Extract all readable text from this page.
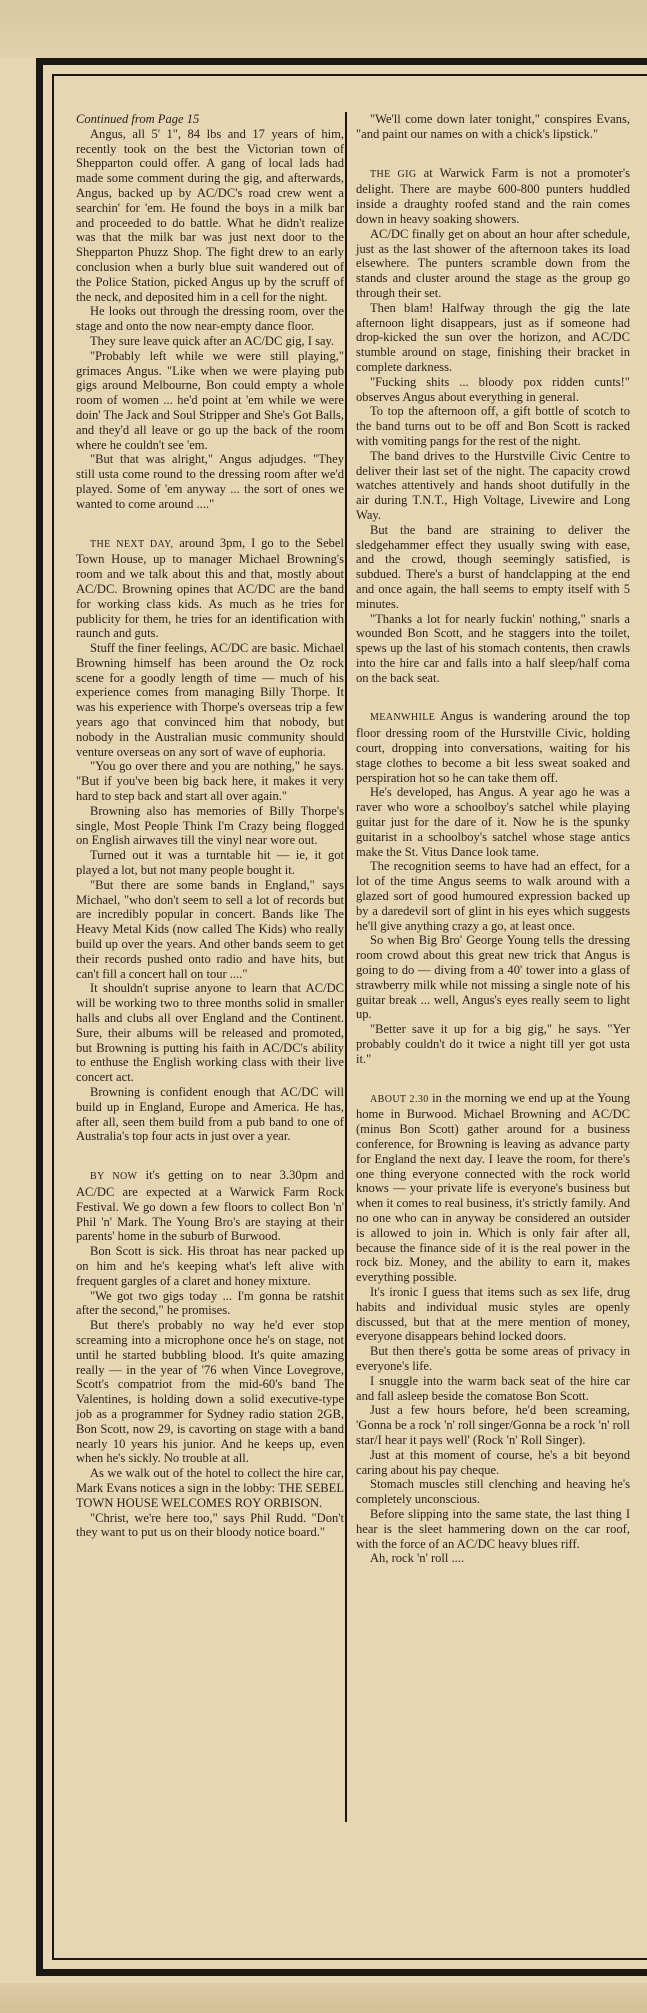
Continued from Page 15

Angus, all 5' 1", 84 lbs and 17 years of him, recently took on the best the Victorian town of Shepparton could offer. A gang of local lads had made some comment during the gig, and afterwards, Angus, backed up by AC/DC's road crew went a searchin' for 'em. He found the boys in a milk bar and proceeded to do battle. What he didn't realize was that the milk bar was just next door to the Shepparton Phuzz Shop. The fight drew to an early conclusion when a burly blue suit wandered out of the Police Station, picked Angus up by the scruff of the neck, and deposited him in a cell for the night.

He looks out through the dressing room, over the stage and onto the now near-empty dance floor.

They sure leave quick after an AC/DC gig, I say.

"Probably left while we were still playing," grimaces Angus. "Like when we were playing pub gigs around Melbourne, Bon could empty a whole room of women ... he'd point at 'em while we were doin' The Jack and Soul Stripper and She's Got Balls, and they'd all leave or go up the back of the room where he couldn't see 'em.

"But that was alright," Angus adjudges. "They still usta come round to the dressing room after we'd played. Some of 'em anyway ... the sort of ones we wanted to come around ...."

THE NEXT DAY, around 3pm, I go to the Sebel Town House, up to manager Michael Browning's room and we talk about this and that, mostly about AC/DC. Browning opines that AC/DC are the band for working class kids. As much as he tries for publicity for them, he tries for an identification with raunch and guts.

Stuff the finer feelings, AC/DC are basic. Michael Browning himself has been around the Oz rock scene for a goodly length of time — much of his experience comes from managing Billy Thorpe. It was his experience with Thorpe's overseas trip a few years ago that convinced him that nobody, but nobody in the Australian music community should venture overseas on any sort of wave of euphoria.

"You go over there and you are nothing," he says. "But if you've been big back here, it makes it very hard to step back and start all over again."

Browning also has memories of Billy Thorpe's single, Most People Think I'm Crazy being flogged on English airwaves till the vinyl near wore out.

Turned out it was a turntable hit — ie, it got played a lot, but not many people bought it.

"But there are some bands in England," says Michael, "who don't seem to sell a lot of records but are incredibly popular in concert. Bands like The Heavy Metal Kids (now called The Kids) who really build up over the years. And other bands seem to get their records pushed onto radio and have hits, but can't fill a concert hall on tour ...."

It shouldn't suprise anyone to learn that AC/DC will be working two to three months solid in smaller halls and clubs all over England and the Continent. Sure, their albums will be released and promoted, but Browning is putting his faith in AC/DC's ability to enthuse the English working class with their live concert act.

Browning is confident enough that AC/DC will build up in England, Europe and America. He has, after all, seen them build from a pub band to one of Australia's top four acts in just over a year.

BY NOW it's getting on to near 3.30pm and AC/DC are expected at a Warwick Farm Rock Festival. We go down a few floors to collect Bon 'n' Phil 'n' Mark. The Young Bro's are staying at their parents' home in the suburb of Burwood.

Bon Scott is sick. His throat has near packed up on him and he's keeping what's left alive with frequent gargles of a claret and honey mixture.

"We got two gigs today ... I'm gonna be ratshit after the second," he promises.

But there's probably no way he'd ever stop screaming into a microphone once he's on stage, not until he started bubbling blood. It's quite amazing really — in the year of '76 when Vince Lovegrove, Scott's compatriot from the mid-60's band The Valentines, is holding down a solid executive-type job as a programmer for Sydney radio station 2GB, Bon Scott, now 29, is cavorting on stage with a band nearly 10 years his junior. And he keeps up, even when he's sickly. No trouble at all.

As we walk out of the hotel to collect the hire car, Mark Evans notices a sign in the lobby: THE SEBEL TOWN HOUSE WELCOMES ROY ORBISON.

"Christ, we're here too," says Phil Rudd. "Don't they want to put us on their bloody notice board."

"We'll come down later tonight," conspires Evans, "and paint our names on with a chick's lipstick."

THE GIG at Warwick Farm is not a promoter's delight. There are maybe 600-800 punters huddled inside a draughty roofed stand and the rain comes down in heavy soaking showers.

AC/DC finally get on about an hour after schedule, just as the last shower of the afternoon takes its load elsewhere. The punters scramble down from the stands and cluster around the stage as the group go through their set.

Then blam! Halfway through the gig the late afternoon light disappears, just as if someone had drop-kicked the sun over the horizon, and AC/DC stumble around on stage, finishing their bracket in complete darkness.

"Fucking shits ... bloody pox ridden cunts!" observes Angus about everything in general.

To top the afternoon off, a gift bottle of scotch to the band turns out to be off and Bon Scott is racked with vomiting pangs for the rest of the night.

The band drives to the Hurstville Civic Centre to deliver their last set of the night. The capacity crowd watches attentively and hands shoot dutifully in the air during T.N.T., High Voltage, Livewire and Long Way.

But the band are straining to deliver the sledgehammer effect they usually swing with ease, and the crowd, though seemingly satisfied, is subdued. There's a burst of handclapping at the end and once again, the hall seems to empty itself with 5 minutes.

"Thanks a lot for nearly fuckin' nothing," snarls a wounded Bon Scott, and he staggers into the toilet, spews up the last of his stomach contents, then crawls into the hire car and falls into a half sleep/half coma on the back seat.

MEANWHILE Angus is wandering around the top floor dressing room of the Hurstville Civic, holding court, dropping into conversations, waiting for his stage clothes to become a bit less sweat soaked and perspiration hot so he can take them off.

He's developed, has Angus. A year ago he was a raver who wore a schoolboy's satchel while playing guitar just for the dare of it. Now he is the spunky guitarist in a schoolboy's satchel whose stage antics make the St. Vitus Dance look tame.

The recognition seems to have had an effect, for a lot of the time Angus seems to walk around with a glazed sort of good humoured expression backed up by a daredevil sort of glint in his eyes which suggests he'll give anything crazy a go, at least once.

So when Big Bro' George Young tells the dressing room crowd about this great new trick that Angus is going to do — diving from a 40' tower into a glass of strawberry milk while not missing a single note of his guitar break ... well, Angus's eyes really seem to light up.

"Better save it up for a big gig," he says. "Yer probably couldn't do it twice a night till yer got usta it."

ABOUT 2.30 in the morning we end up at the Young home in Burwood. Michael Browning and AC/DC (minus Bon Scott) gather around for a business conference, for Browning is leaving as advance party for England the next day. I leave the room, for there's one thing everyone connected with the rock world knows — your private life is everyone's business but when it comes to real business, it's strictly family. And no one who can in anyway be considered an outsider is allowed to join in. Which is only fair after all, because the finance side of it is the real power in the rock biz. Money, and the ability to earn it, makes everything possible.

It's ironic I guess that items such as sex life, drug habits and individual music styles are openly discussed, but that at the mere mention of money, everyone disappears behind locked doors.

But then there's gotta be some areas of privacy in everyone's life.

I snuggle into the warm back seat of the hire car and fall asleep beside the comatose Bon Scott.

Just a few hours before, he'd been screaming, 'Gonna be a rock 'n' roll singer/Gonna be a rock 'n' roll star/I hear it pays well' (Rock 'n' Roll Singer).

Just at this moment of course, he's a bit beyond caring about his pay cheque.

Stomach muscles still clenching and heaving he's completely unconscious.

Before slipping into the same state, the last thing I hear is the sleet hammering down on the car roof, with the force of an AC/DC heavy blues riff.

Ah, rock 'n' roll ....
